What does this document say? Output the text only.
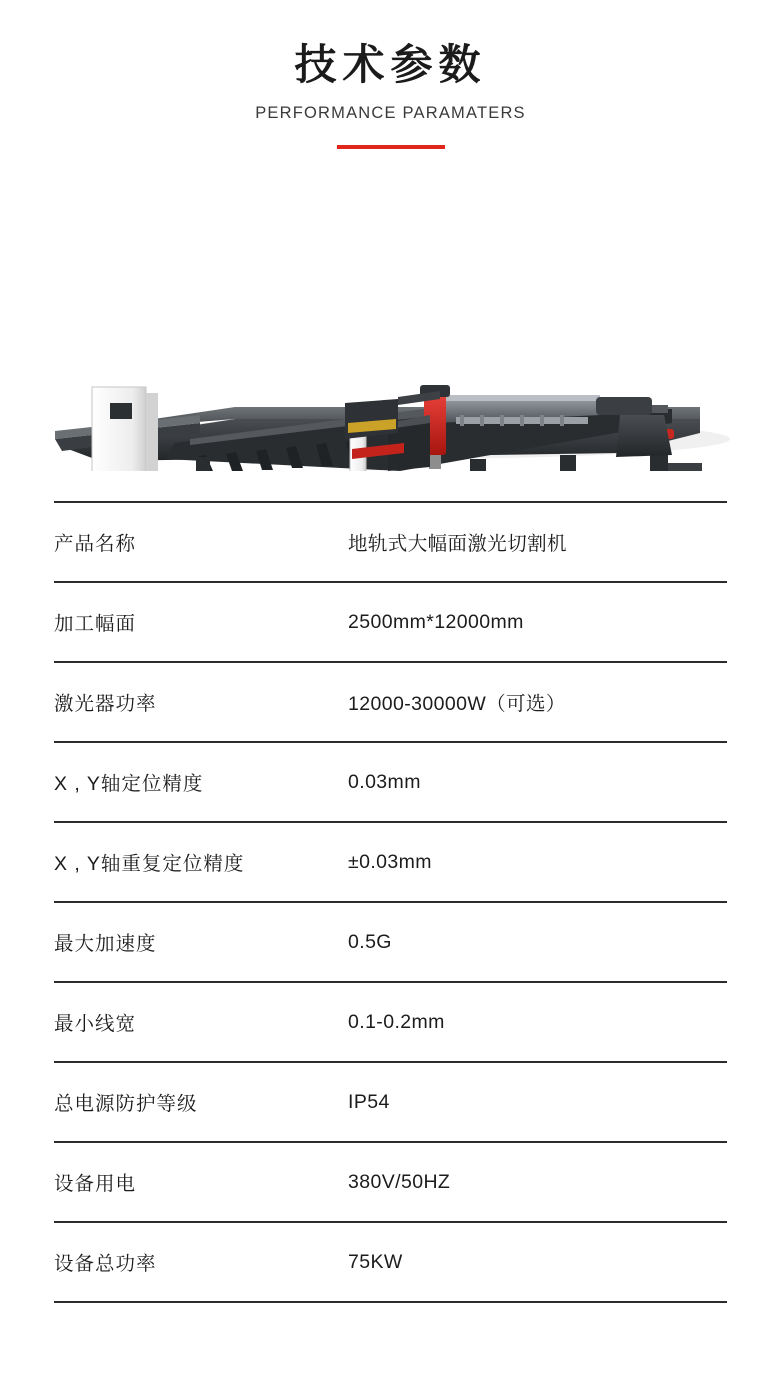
技术参数
PERFORMANCE PARAMATERS
产品名称	地轨式大幅面激光切割机
加工幅面	2500mm*12000mm
激光器功率	12000-30000W（可选）
X , Y轴定位精度	0.03mm
X , Y轴重复定位精度	±0.03mm
最大加速度	0.5G
最小线宽	0.1-0.2mm
总电源防护等级	IP54
设备用电	380V/50HZ
设备总功率	75KW
